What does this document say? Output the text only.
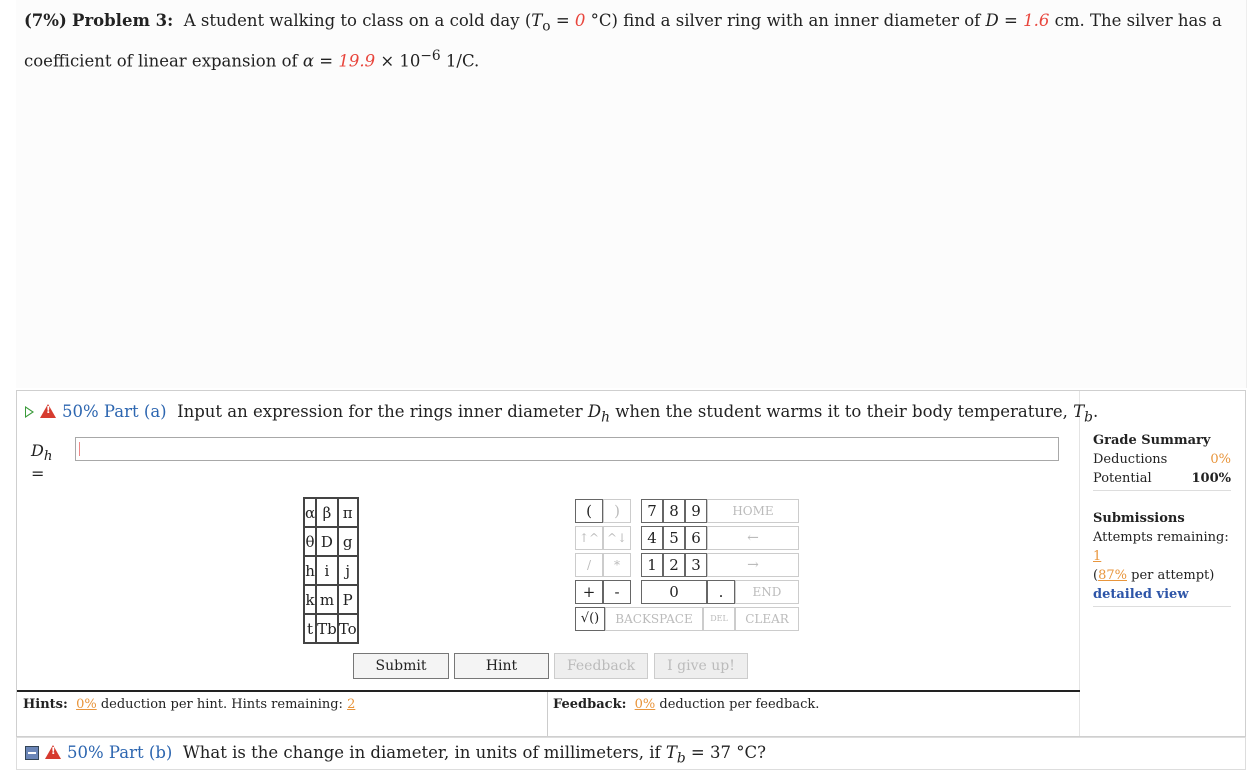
(7%) Problem 3: A student walking to class on a cold day ($T_o = 0$ °C) find a silver ring with an inner diameter of D = 1.6 cm. The silver has a coefficient of linear expansion of $\alpha = 19.9 \times 10^{-6}$ 1/C.
!50% Part (a) Input an expression for the rings inner diameter $D_h$ when the student warms it to their body temperature, $T_b$.
$D_h$ =
α	β	π
θ	D	g
h	i	j
k	m	P
t	Tb	To
(	)	7 8 9	HOME
↑^ ^↓	4 5 6	←
/	*	1 2 3	→
+	-	0	.	END
√()	BACKSPACE	DEL	CLEAR
Submit	Hint	Feedback	I give up!
Hints: 0% deduction per hint. Hints remaining: 2	Feedback: 0% deduction per feedback.
Grade Summary
Deductions	0%
Potential	100%
Submissions
Attempts remaining: 1
(87% per attempt)
detailed view
!50% Part (b) What is the change in diameter, in units of millimeters, if $T_b = 37$ °C?
